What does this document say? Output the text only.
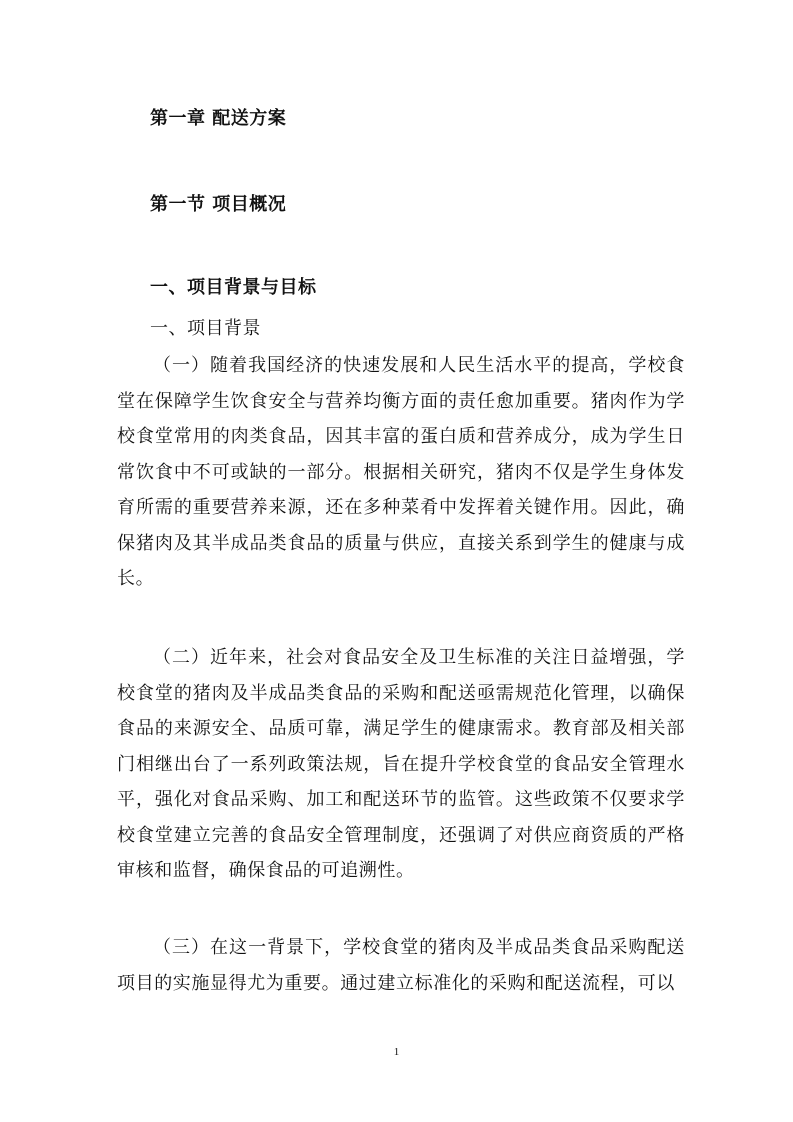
第一章 配送方案
第一节 项目概况
一、项目背景与目标
一、项目背景

（一）随着我国经济的快速发展和人民生活水平的提高，学校食堂在保障学生饮食安全与营养均衡方面的责任愈加重要。猪肉作为学校食堂常用的肉类食品，因其丰富的蛋白质和营养成分，成为学生日常饮食中不可或缺的一部分。根据相关研究，猪肉不仅是学生身体发育所需的重要营养来源，还在多种菜肴中发挥着关键作用。因此，确保猪肉及其半成品类食品的质量与供应，直接关系到学生的健康与成长。

（二）近年来，社会对食品安全及卫生标准的关注日益增强，学校食堂的猪肉及半成品类食品的采购和配送亟需规范化管理，以确保食品的来源安全、品质可靠，满足学生的健康需求。教育部及相关部门相继出台了一系列政策法规，旨在提升学校食堂的食品安全管理水平，强化对食品采购、加工和配送环节的监管。这些政策不仅要求学校食堂建立完善的食品安全管理制度，还强调了对供应商资质的严格审核和监督，确保食品的可追溯性。

（三）在这一背景下，学校食堂的猪肉及半成品类食品采购配送项目的实施显得尤为重要。通过建立标准化的采购和配送流程，可以

1
